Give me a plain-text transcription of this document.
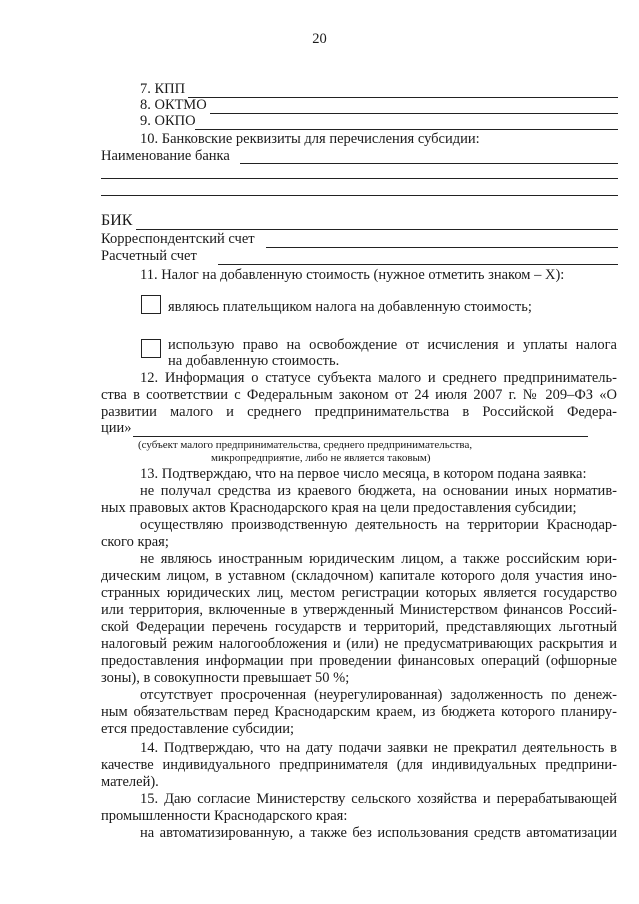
20
7. КПП
8. ОКТМО
9. ОКПО
10. Банковские реквизиты для перечисления субсидии:
Наименование банка
БИК
Корреспондентский счет
Расчетный счет
11. Налог на добавленную стоимость (нужное отметить знаком – Х):
являюсь плательщиком налога на добавленную стоимость;
использую право на освобождение от исчисления и уплаты налога
на добавленную стоимость.
12. Информация о статусе субъекта малого и среднего предприниматель-
ства в соответствии с Федеральным законом от 24 июля 2007 г. № 209–ФЗ «О
развитии малого и среднего предпринимательства в Российской Федера-
ции»
(субъект малого предпринимательства, среднего предпринимательства,
микропредприятие, либо не является таковым)
13. Подтверждаю, что на первое число месяца, в котором подана заявка:
не получал средства из краевого бюджета, на основании иных норматив-
ных правовых актов Краснодарского края на цели предоставления субсидии;
осуществляю производственную деятельность на территории Краснодар-
ского края;
не являюсь иностранным юридическим лицом, а также российским юри-
дическим лицом, в уставном (складочном) капитале которого доля участия ино-
странных юридических лиц, местом регистрации которых является государство
или территория, включенные в утвержденный Министерством финансов Россий-
ской Федерации перечень государств и территорий, представляющих льготный
налоговый режим налогообложения и (или) не предусматривающих раскрытия и
предоставления информации при проведении финансовых операций (офшорные
зоны), в совокупности превышает 50 %;
отсутствует просроченная (неурегулированная) задолженность по денеж-
ным обязательствам перед Краснодарским краем, из бюджета которого планиру-
ется предоставление субсидии;
14. Подтверждаю, что на дату подачи заявки не прекратил деятельность в
качестве индивидуального предпринимателя (для индивидуальных предприни-
мателей).
15. Даю согласие Министерству сельского хозяйства и перерабатывающей
промышленности Краснодарского края:
на автоматизированную, а также без использования средств автоматизации
